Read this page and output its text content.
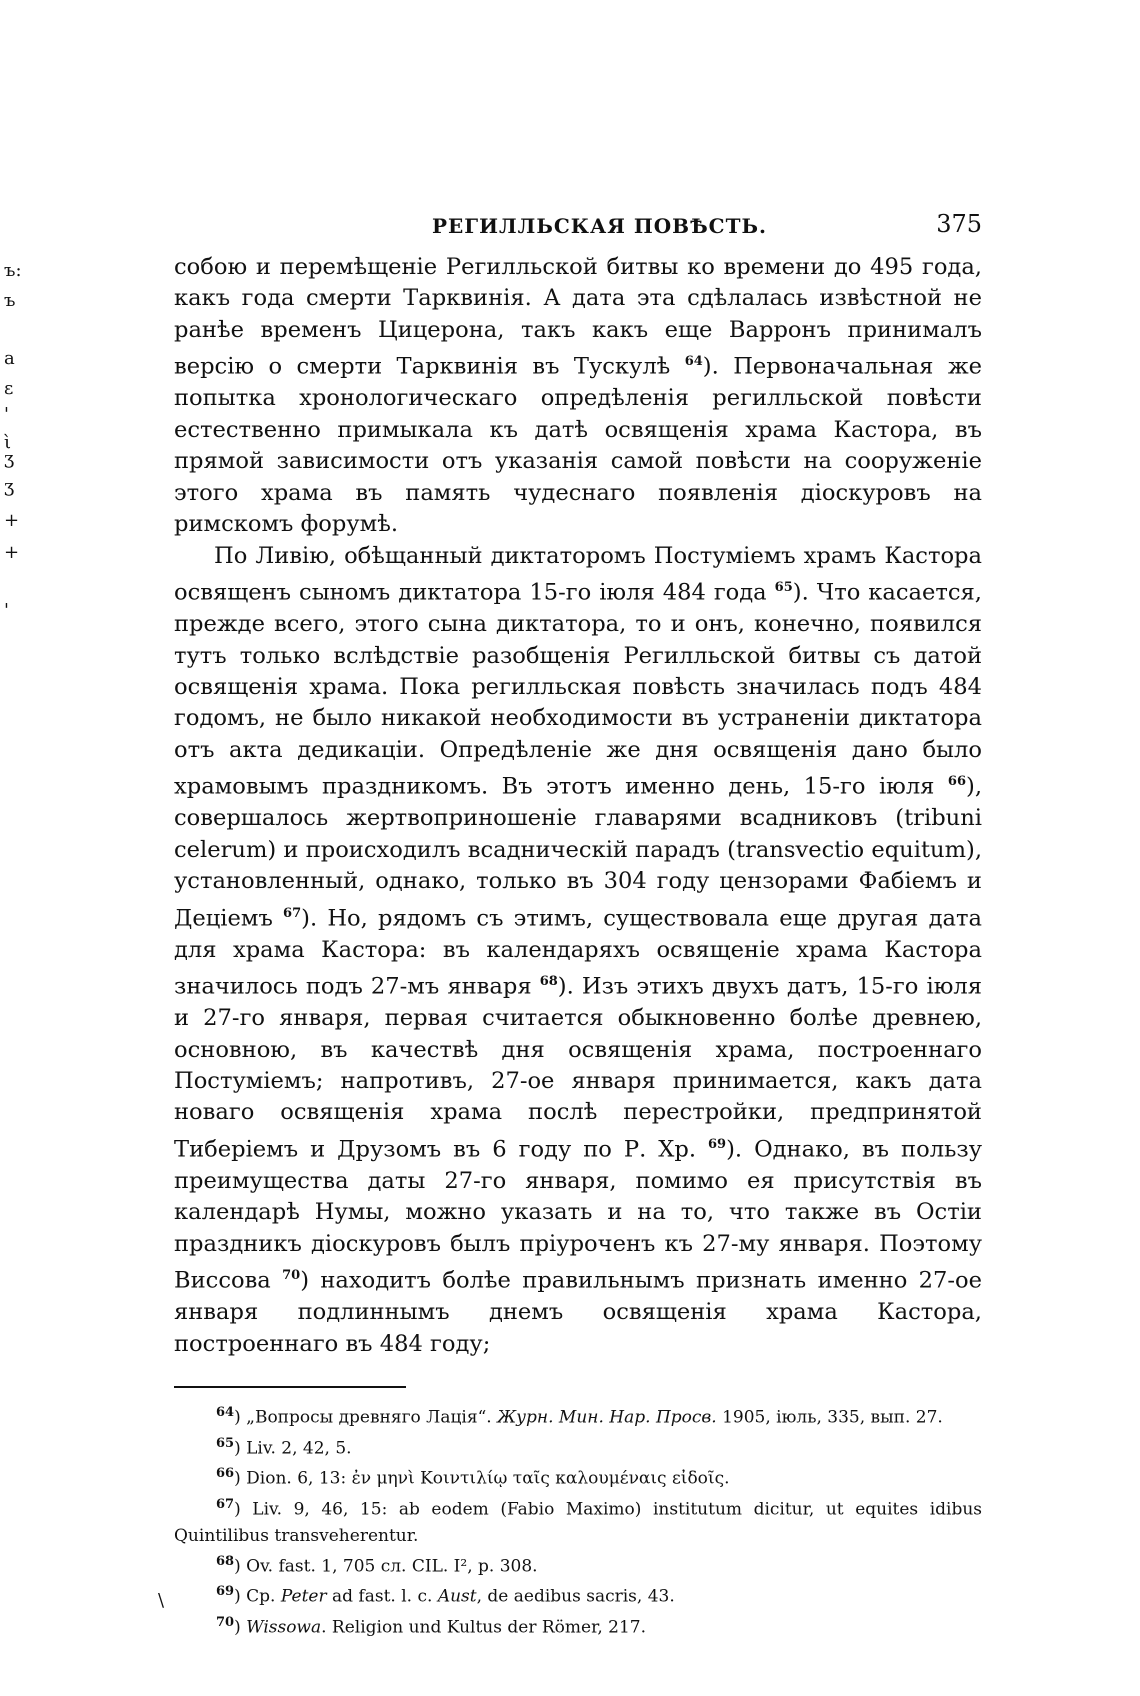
ъ:
ъ
а
ε
'
ὶ
ʒ
ʒ
+
+
'
РЕГИЛЛЬСКАЯ ПОВѢСТЬ.	375

собою и перемѣщеніе Регилльской битвы ко времени до 495 года, какъ года смерти Тарквинія. А дата эта сдѣлалась извѣстной не ранѣе временъ Цицерона, такъ какъ еще Варронъ принималъ версію о смерти Тарквинія въ Тускулѣ $^{64}$). Первоначальная же попытка хронологическаго опредѣленія регилльской повѣсти естественно примыкала къ датѣ освященія храма Кастора, въ прямой зависимости отъ указанія самой повѣсти на сооруженіе этого храма въ память чудеснаго появленія діоскуровъ на римскомъ форумѣ.

По Ливію, обѣщанный диктаторомъ Постуміемъ храмъ Кастора освященъ сыномъ диктатора 15-го іюля 484 года $^{65}$). Что касается, прежде всего, этого сына диктатора, то и онъ, конечно, появился тутъ только вслѣдствіе разобщенія Регилльской битвы съ датой освященія храма. Пока регилльская повѣсть значилась подъ 484 годомъ, не было никакой необходимости въ устраненіи диктатора отъ акта дедикаціи. Опредѣленіе же дня освященія дано было храмовымъ праздникомъ. Въ этотъ именно день, 15-го іюля $^{66}$), совершалось жертвоприношеніе главарями всадниковъ (tribuni celerum) и происходилъ всадническій парадъ (transvectio equitum), установленный, однако, только въ 304 году цензорами Фабіемъ и Деціемъ $^{67}$). Но, рядомъ съ этимъ, существовала еще другая дата для храма Кастора: въ календаряхъ освященіе храма Кастора значилось подъ 27-мъ января $^{68}$). Изъ этихъ двухъ датъ, 15-го іюля и 27-го января, первая считается обыкновенно болѣе древнею, основною, въ качествѣ дня освященія храма, построеннаго Постуміемъ; напротивъ, 27-ое января принимается, какъ дата новаго освященія храма послѣ перестройки, предпринятой Тиберіемъ и Друзомъ въ 6 году по Р. Хр. $^{69}$). Однако, въ пользу преимущества даты 27-го января, помимо ея присутствія въ календарѣ Нумы, можно указать и на то, что также въ Остіи праздникъ діоскуровъ былъ пріуроченъ къ 27-му января. Поэтому Виссова $^{70}$) находитъ болѣе правильнымъ признать именно 27-ое января подлиннымъ днемъ освященія храма Кастора, построеннаго въ 484 году;

$^{64}$) „Вопросы древняго Лація“. Журн. Мин. Нар. Просв. 1905, іюль, 335, вып. 27.

$^{65}$) Liv. 2, 42, 5.

$^{66}$) Dion. 6, 13: ἐν μηνὶ Κοιντιλίῳ ταῖς καλουμέναις εἰδοῖς.

$^{67}$) Liv. 9, 46, 15: ab eodem (Fabio Maximo) institutum dicitur, ut equites idibus Quintilibus transveherentur.

$^{68}$) Ov. fast. 1, 705 сл. CIL. I², p. 308.

$^{69}$) Ср. Peter ad fast. l. c. Aust, de aedibus sacris, 43.

$^{70}$) Wissowa. Religion und Kultus der Römer, 217.

\
